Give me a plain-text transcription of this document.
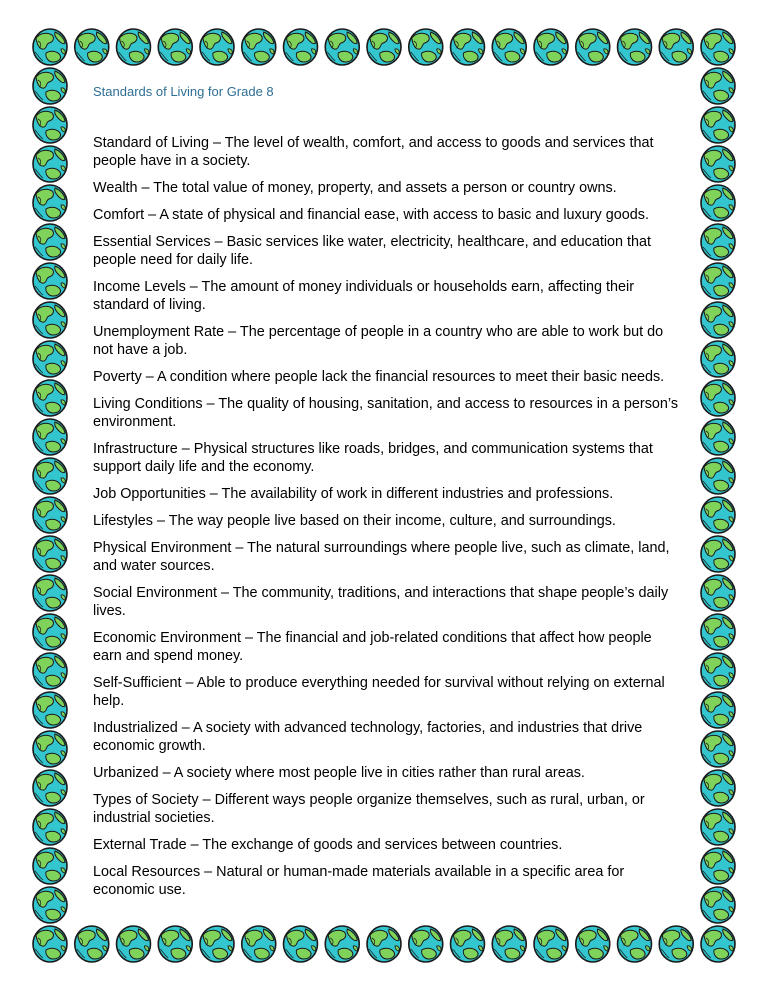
Standards of Living for Grade 8
Standard of Living – The level of wealth, comfort, and access to goods and services that people have in a society.
Wealth – The total value of money, property, and assets a person or country owns.
Comfort – A state of physical and financial ease, with access to basic and luxury goods.
Essential Services – Basic services like water, electricity, healthcare, and education that people need for daily life.
Income Levels – The amount of money individuals or households earn, affecting their standard of living.
Unemployment Rate – The percentage of people in a country who are able to work but do not have a job.
Poverty – A condition where people lack the financial resources to meet their basic needs.
Living Conditions – The quality of housing, sanitation, and access to resources in a person’s environment.
Infrastructure – Physical structures like roads, bridges, and communication systems that support daily life and the economy.
Job Opportunities – The availability of work in different industries and professions.
Lifestyles – The way people live based on their income, culture, and surroundings.
Physical Environment – The natural surroundings where people live, such as climate, land, and water sources.
Social Environment – The community, traditions, and interactions that shape people’s daily lives.
Economic Environment – The financial and job-related conditions that affect how people earn and spend money.
Self-Sufficient – Able to produce everything needed for survival without relying on external help.
Industrialized – A society with advanced technology, factories, and industries that drive economic growth.
Urbanized – A society where most people live in cities rather than rural areas.
Types of Society – Different ways people organize themselves, such as rural, urban, or industrial societies.
External Trade – The exchange of goods and services between countries.
Local Resources – Natural or human-made materials available in a specific area for economic use.
